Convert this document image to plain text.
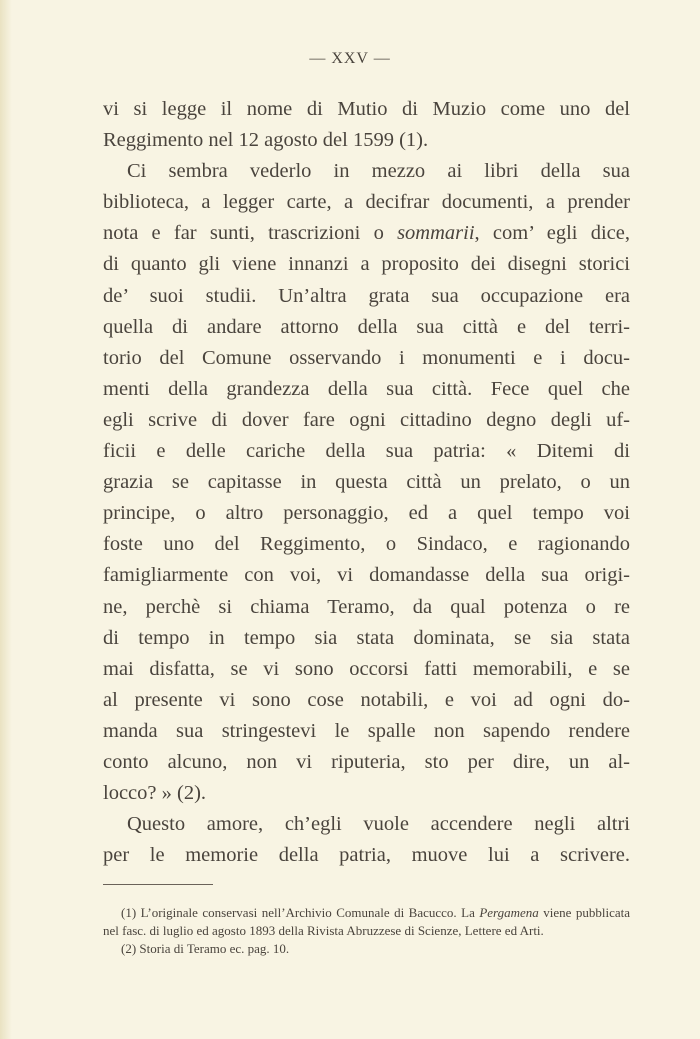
— XXV —
vi si legge il nome di Mutio di Muzio come uno del
Reggimento nel 12 agosto del 1599 (1).
Ci sembra vederlo in mezzo ai libri della sua
biblioteca, a legger carte, a decifrar documenti, a prender
nota e far sunti, trascrizioni o sommarii, com’ egli dice,
di quanto gli viene innanzi a proposito dei disegni storici
de’ suoi studii. Un’altra grata sua occupazione era
quella di andare attorno della sua città e del terri-
torio del Comune osservando i monumenti e i docu-
menti della grandezza della sua città. Fece quel che
egli scrive di dover fare ogni cittadino degno degli uf-
ficii e delle cariche della sua patria: « Ditemi di
grazia se capitasse in questa città un prelato, o un
principe, o altro personaggio, ed a quel tempo voi
foste uno del Reggimento, o Sindaco, e ragionando
famigliarmente con voi, vi domandasse della sua origi-
ne, perchè si chiama Teramo, da qual potenza o re
di tempo in tempo sia stata dominata, se sia stata
mai disfatta, se vi sono occorsi fatti memorabili, e se
al presente vi sono cose notabili, e voi ad ogni do-
manda sua stringestevi le spalle non sapendo rendere
conto alcuno, non vi riputeria, sto per dire, un al-
locco? » (2).
Questo amore, ch’egli vuole accendere negli altri
per le memorie della patria, muove lui a scrivere.
(1) L’originale conservasi nell’Archivio Comunale di Bacucco. La Pergamena viene pubblicata nel fasc. di luglio ed agosto 1893 della Rivista Abruzzese di Scienze, Lettere ed Arti.
(2) Storia di Teramo ec. pag. 10.
